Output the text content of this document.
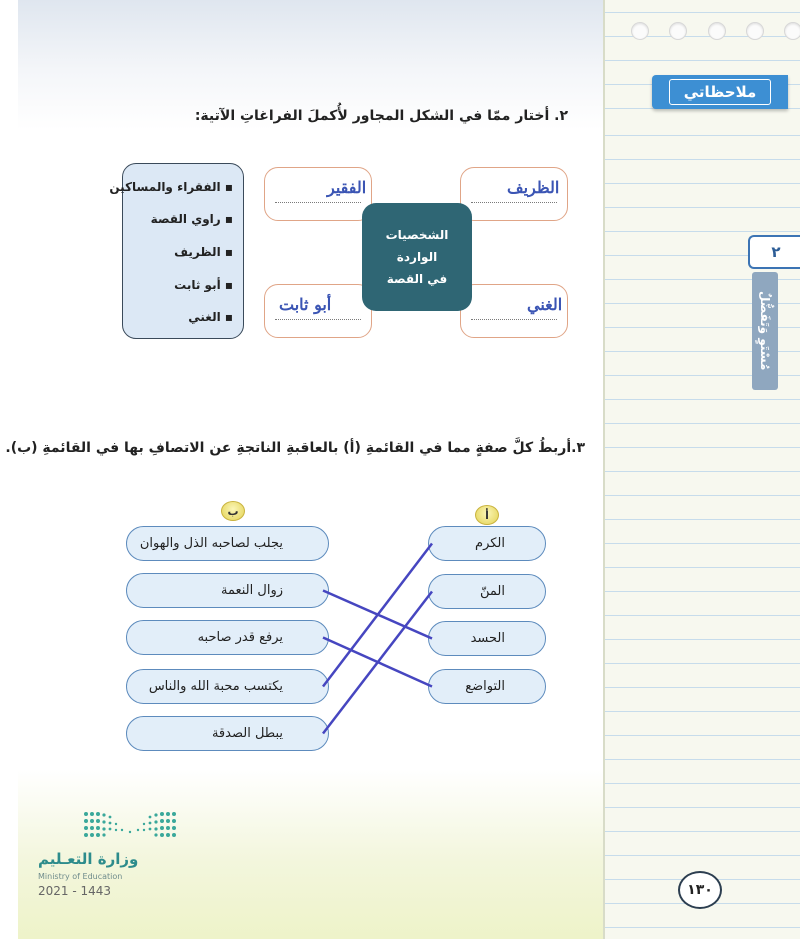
ملاحظاتي
٢
مُسْتَوٍ وَتَفَضُّلٌ
٢. أختار ممّا في الشكل المجاور لأُكملَ الفراغاتِ الآتية:
▪ الفقراء والمساكين
▪ راوي القصة
▪ الظريف
▪ أبو ثابت
▪ الغني
الفقير	الظريف
أبو ثابت	الغني
الشخصيات
الواردة
في القصة
٣.أربطُ كلَّ صفةٍ مما في القائمةِ (أ) بالعاقبةِ الناتجةِ عن الاتصافِ بها في القائمةِ (ب).
ب	أ
يجلب لصاحبه الذل والهوان
زوال النعمة
يرفع قدر صاحبه
يكتسب محبة الله والناس
يبطل الصدقة
الكرم
المنّ
الحسد
التواضع
وزارة التعـليم
Ministry of Education
2021 - 1443	١٣٠
